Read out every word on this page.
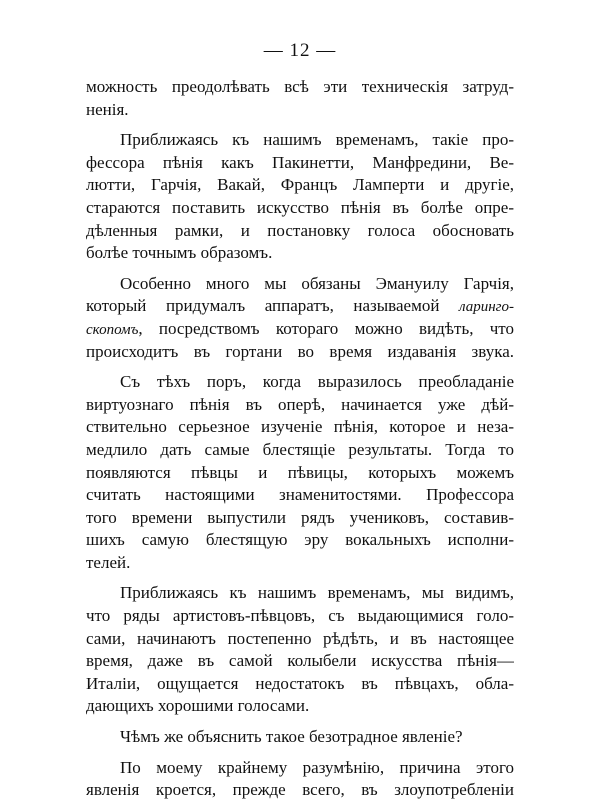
— 12 —
можность преодолѣвать всѣ эти техническія затруд-
ненія.
Приближаясь къ нашимъ временамъ, такіе про-
фессора пѣнія какъ Пакинетти, Манфредини, Ве-
лютти, Гарчія, Вакай, Францъ Ламперти и другіе,
стараются поставить искусство пѣнія въ болѣе опре-
дѣленныя рамки, и постановку голоса обосновать
болѣе точнымъ образомъ.
Особенно много мы обязаны Эмануилу Гарчія,
который придумалъ аппаратъ, называемой ларинго-
скопомъ, посредствомъ котораго можно видѣть, что
происходитъ въ гортани во время издаванія звука.
Съ тѣхъ поръ, когда выразилось преобладаніе
виртуознаго пѣнія въ оперѣ, начинается уже дѣй-
ствительно серьезное изученіе пѣнія, которое и неза-
медлило дать самые блестящіе результаты. Тогда то
появляются пѣвцы и пѣвицы, которыхъ можемъ
считать настоящими знаменитостями. Профессора
того времени выпустили рядъ учениковъ, составив-
шихъ самую блестящую эру вокальныхъ исполни-
телей.
Приближаясь къ нашимъ временамъ, мы видимъ,
что ряды артистовъ-пѣвцовъ, съ выдающимися голо-
сами, начинаютъ постепенно рѣдѣть, и въ настоящее
время, даже въ самой колыбели искусства пѣнія—
Италіи, ощущается недостатокъ въ пѣвцахъ, обла-
дающихъ хорошими голосами.
Чѣмъ же объяснить такое безотрадное явленіе?
По моему крайнему разумѣнію, причина этого
явленія кроется, прежде всего, въ злоупотребленіи
